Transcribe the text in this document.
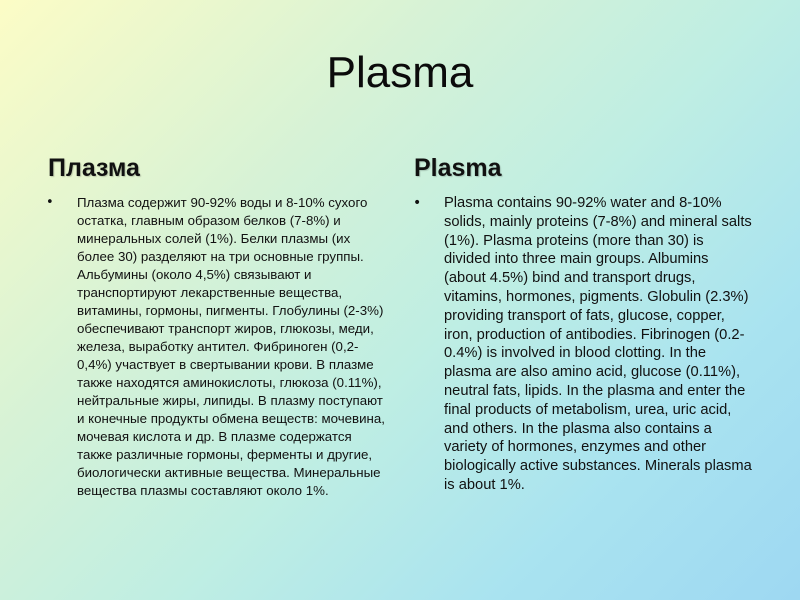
Plasma
Плазма
• Плазма содержит 90-92% воды и 8-10% сухого остатка, главным образом белков (7-8%) и минеральных солей (1%). Белки плазмы (их более 30) разделяют на три основные группы. Альбумины (около 4,5%) связывают и транспортируют лекарственные вещества, витамины, гормоны, пигменты. Глобулины (2-3%) обеспечивают транспорт жиров, глюкозы, меди, железа, выработку антител. Фибриноген (0,2-0,4%) участвует в свертывании крови. В плазме также находятся аминокислоты, глюкоза (0.11%), нейтральные жиры, липиды. В плазму поступают и конечные продукты обмена веществ: мочевина, мочевая кислота и др. В плазме содержатся также различные гормоны, ферменты и другие, биологически активные вещества. Минеральные вещества плазмы составляют около 1%.
Plasma
• Plasma contains 90-92% water and 8-10% solids, mainly proteins (7-8%) and mineral salts (1%). Plasma proteins (more than 30) is divided into three main groups. Albumins (about 4.5%) bind and transport drugs, vitamins, hormones, pigments. Globulin (2.3%) providing transport of fats, glucose, copper, iron, production of antibodies. Fibrinogen (0.2-0.4%) is involved in blood clotting. In the plasma are also amino acid, glucose (0.11%), neutral fats, lipids. In the plasma and enter the final products of metabolism, urea, uric acid, and others. In the plasma also contains a variety of hormones, enzymes and other biologically active substances. Minerals plasma is about 1%.
